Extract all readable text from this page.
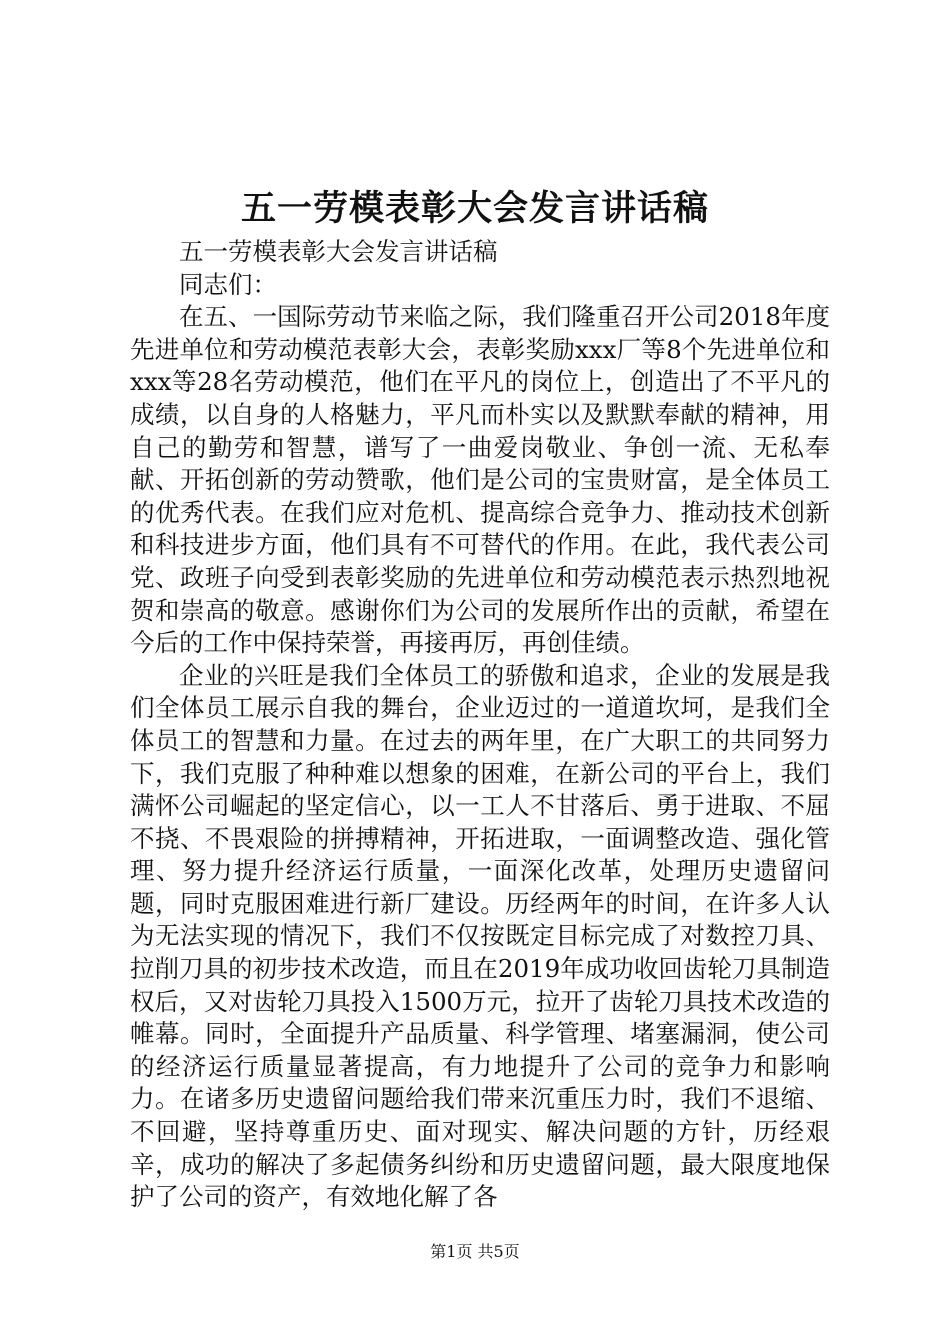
五一劳模表彰大会发言讲话稿

五一劳模表彰大会发言讲话稿

同志们：

在五、一国际劳动节来临之际，我们隆重召开公司2018年度先进单位和劳动模范表彰大会，表彰奖励xxx厂等8个先进单位和xxx等28名劳动模范，他们在平凡的岗位上，创造出了不平凡的成绩，以自身的人格魅力，平凡而朴实以及默默奉献的精神，用自己的勤劳和智慧，谱写了一曲爱岗敬业、争创一流、无私奉献、开拓创新的劳动赞歌，他们是公司的宝贵财富，是全体员工的优秀代表。在我们应对危机、提高综合竞争力、推动技术创新和科技进步方面，他们具有不可替代的作用。在此，我代表公司党、政班子向受到表彰奖励的先进单位和劳动模范表示热烈地祝贺和崇高的敬意。感谢你们为公司的发展所作出的贡献，希望在今后的工作中保持荣誉，再接再厉，再创佳绩。

企业的兴旺是我们全体员工的骄傲和追求，企业的发展是我们全体员工展示自我的舞台，企业迈过的一道道坎坷，是我们全体员工的智慧和力量。在过去的两年里，在广大职工的共同努力下，我们克服了种种难以想象的困难，在新公司的平台上，我们满怀公司崛起的坚定信心，以一工人不甘落后、勇于进取、不屈不挠、不畏艰险的拼搏精神，开拓进取，一面调整改造、强化管理、努力提升经济运行质量，一面深化改革，处理历史遗留问题，同时克服困难进行新厂建设。历经两年的时间，在许多人认为无法实现的情况下，我们不仅按既定目标完成了对数控刀具、拉削刀具的初步技术改造，而且在2019年成功收回齿轮刀具制造权后，又对齿轮刀具投入1500万元，拉开了齿轮刀具技术改造的帷幕。同时，全面提升产品质量、科学管理、堵塞漏洞，使公司的经济运行质量显著提高，有力地提升了公司的竞争力和影响力。在诸多历史遗留问题给我们带来沉重压力时，我们不退缩、不回避，坚持尊重历史、面对现实、解决问题的方针，历经艰辛，成功的解决了多起债务纠纷和历史遗留问题，最大限度地保护了公司的资产，有效地化解了各

第1页 共5页
